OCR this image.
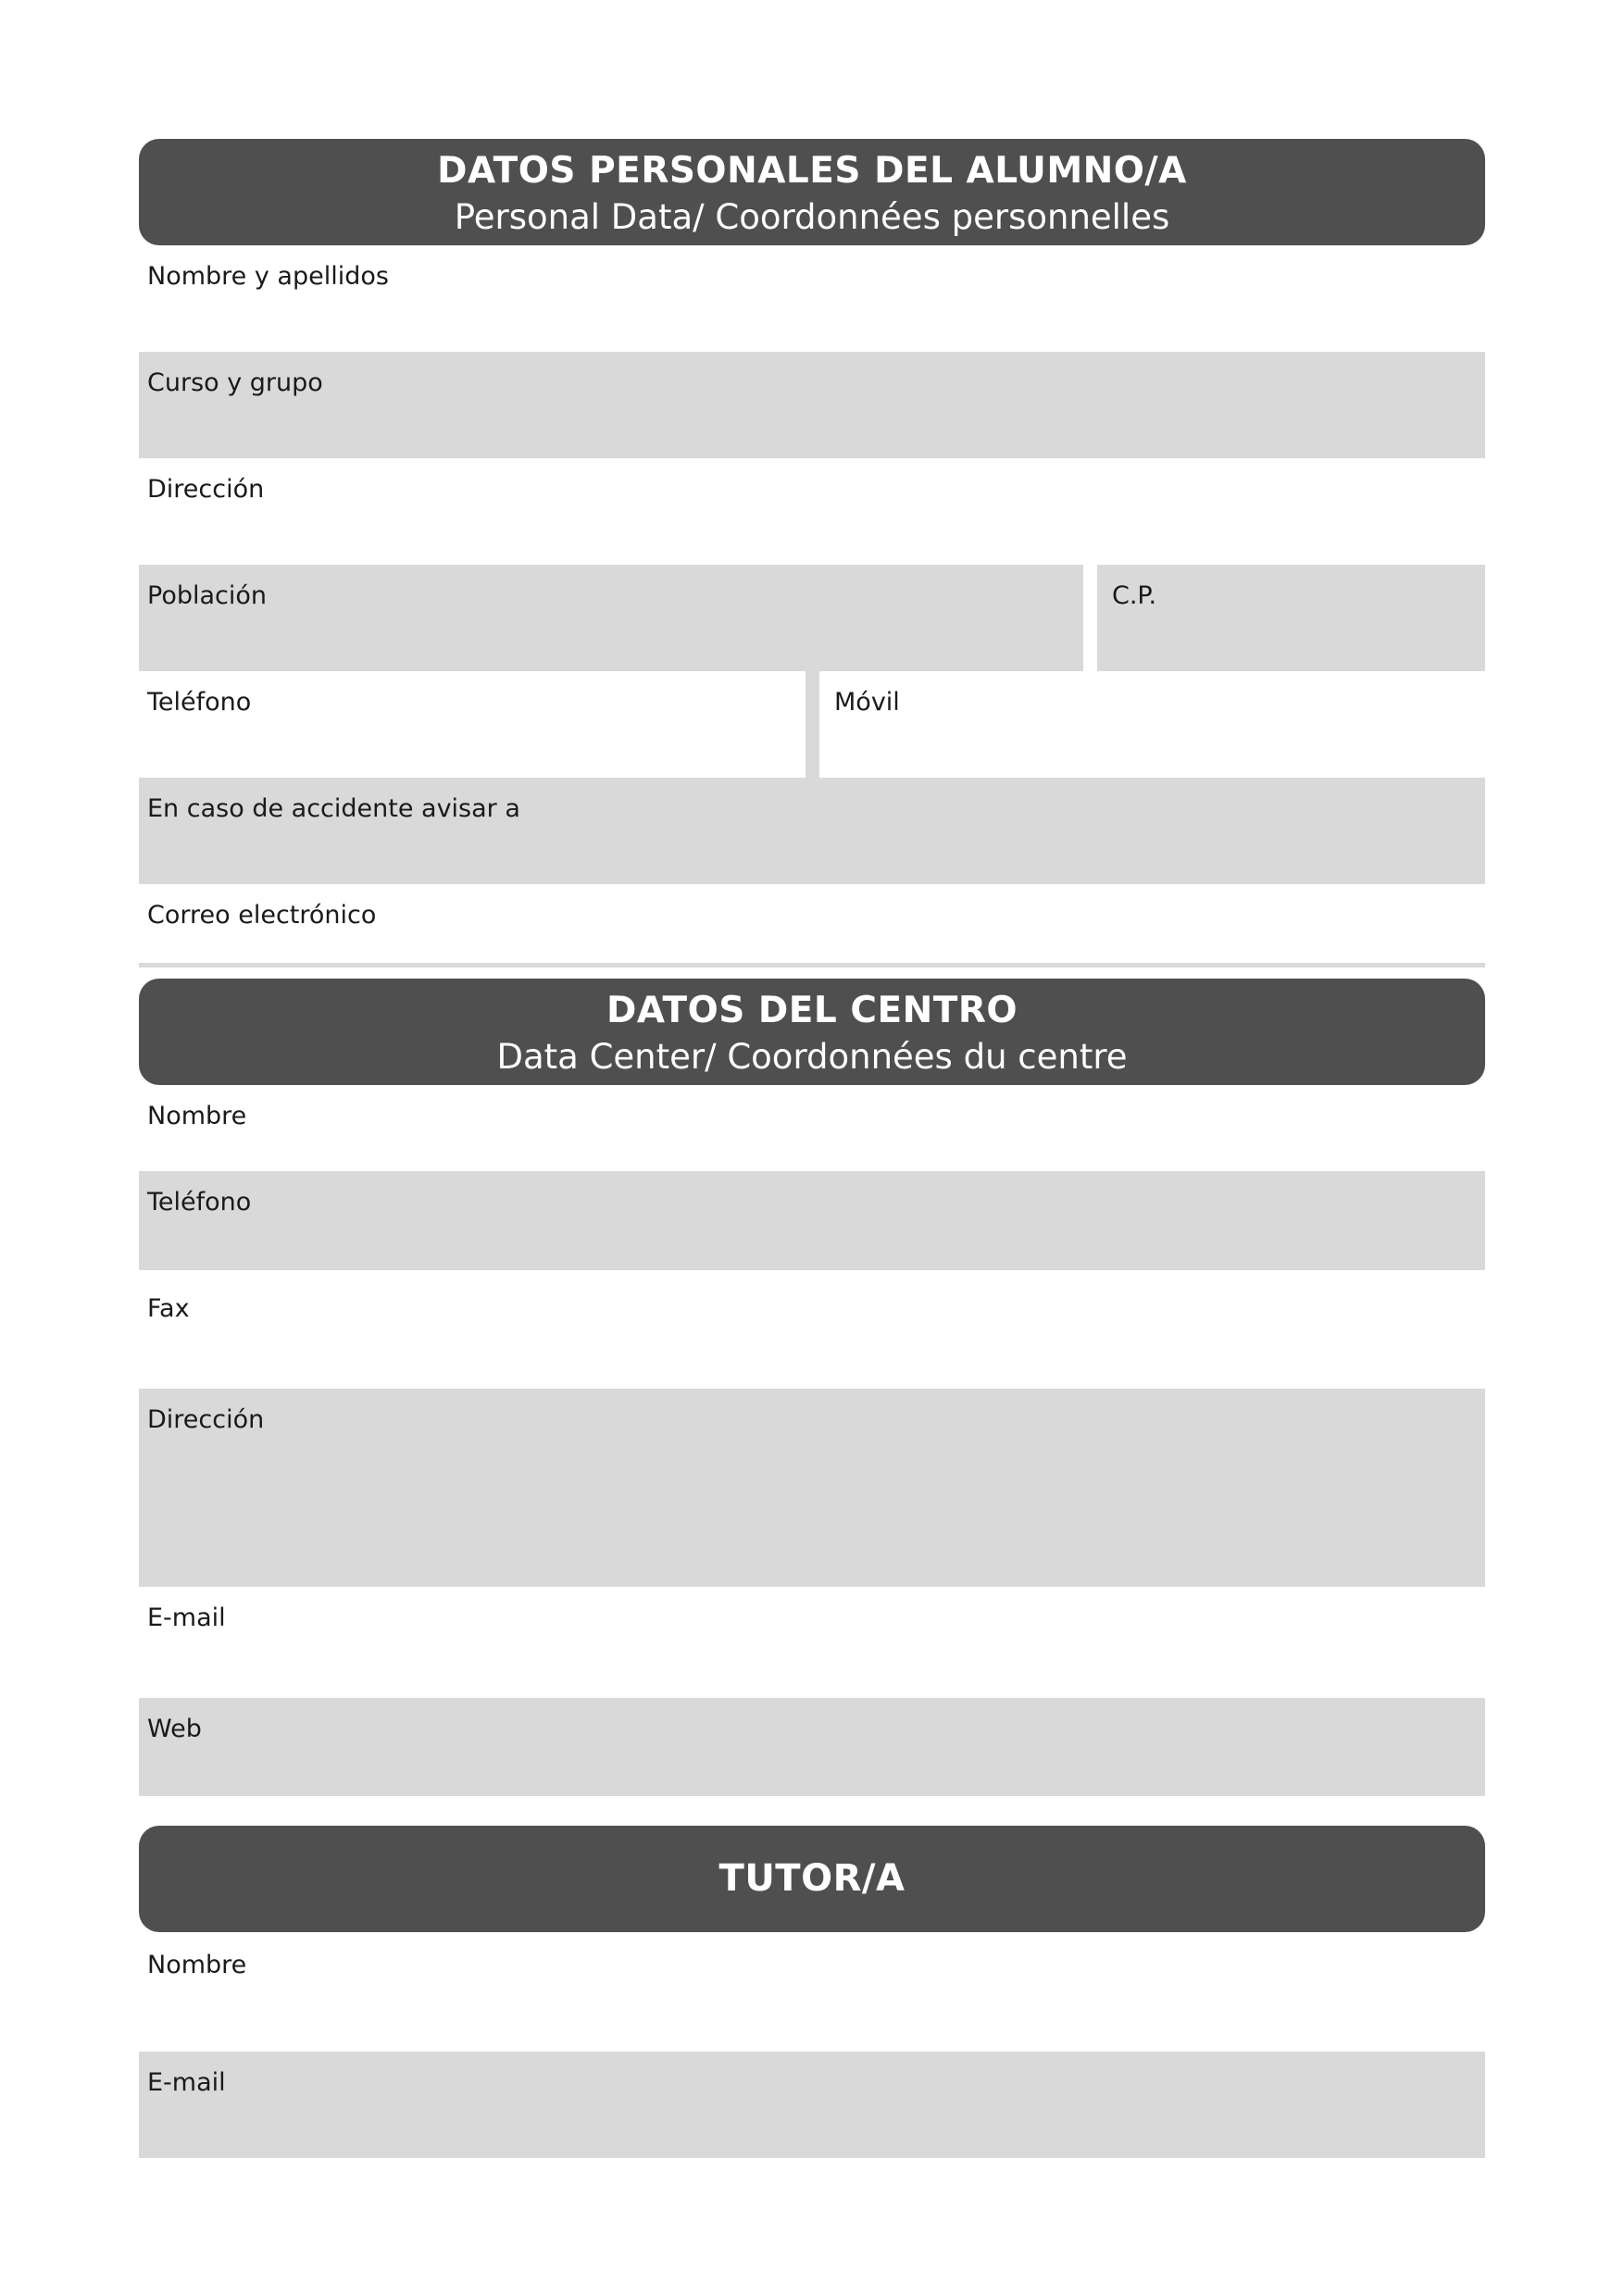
DATOS PERSONALES DEL ALUMNO/A
Personal Data/ Coordonnées personnelles
Nombre y apellidos
Curso y grupo
Dirección
Población	C.P.
Teléfono	Móvil
En caso de accidente avisar a
Correo electrónico
DATOS DEL CENTRO
Data Center/ Coordonnées du centre
Nombre
Teléfono
Fax
Dirección
E-mail
Web
TUTOR/A
Nombre
E-mail
